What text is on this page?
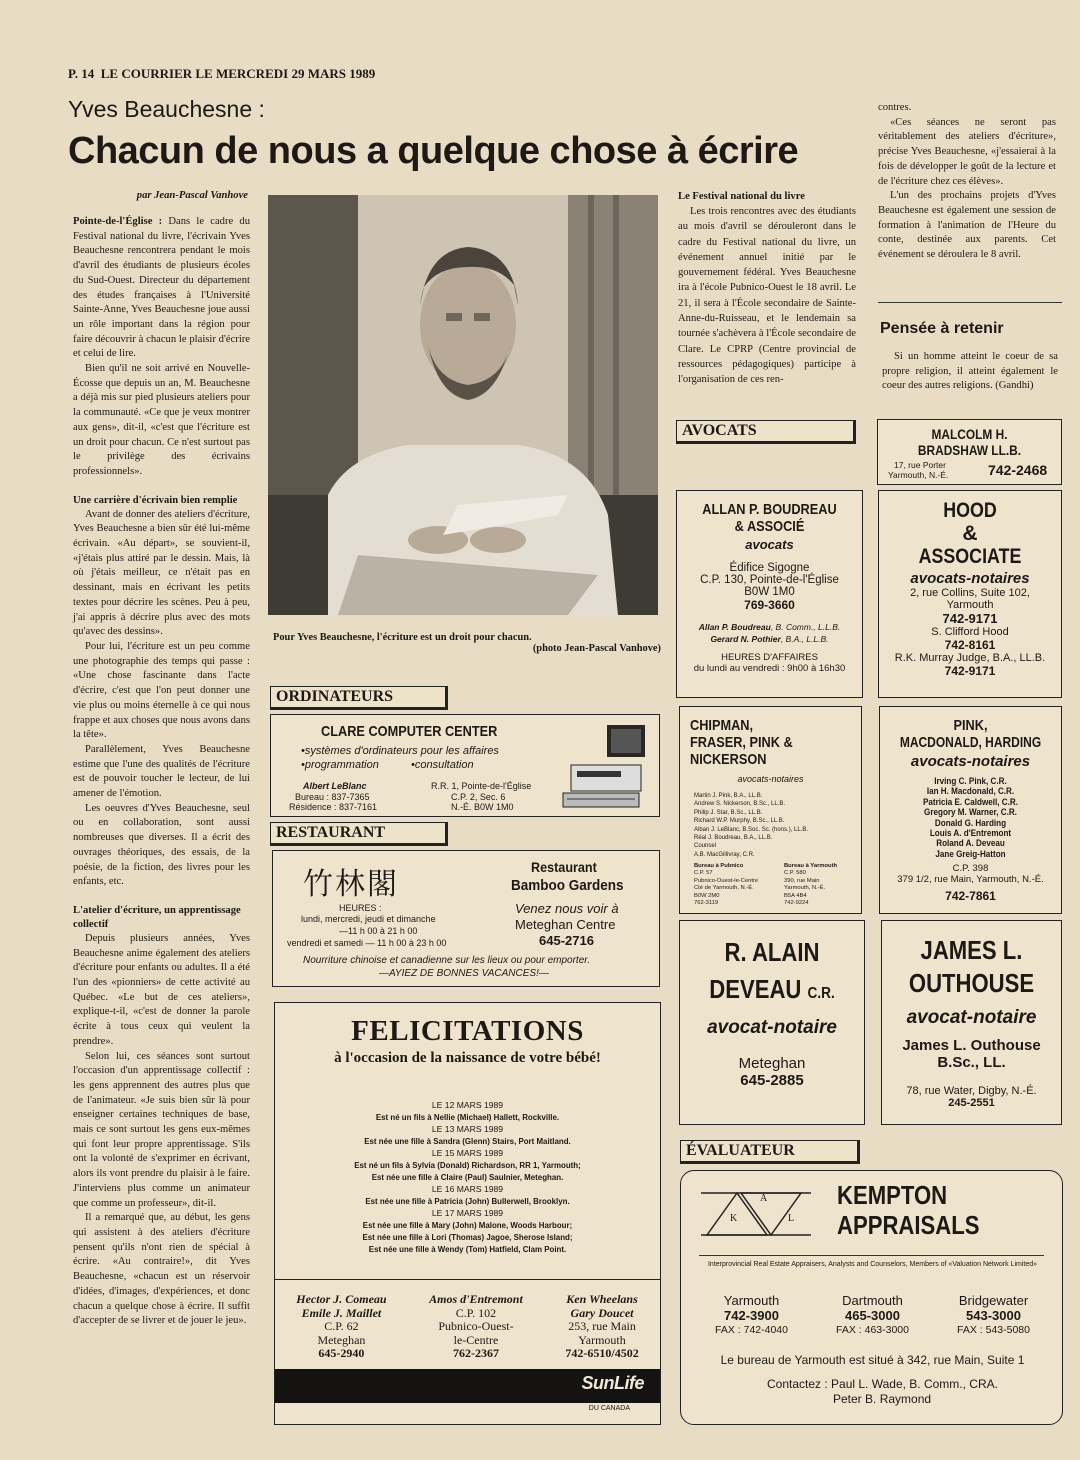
P. 14 LE COURRIER LE MERCREDI 29 MARS 1989
Yves Beauchesne :
Chacun de nous a quelque chose à écrire
par Jean-Pascal Vanhove

Pointe-de-l'Église : Dans le cadre du Festival national du livre, l'écrivain Yves Beauchesne rencontrera pendant le mois d'avril des étudiants de plusieurs écoles du Sud-Ouest. Directeur du département des études françaises à l'Université Sainte-Anne, Yves Beauchesne joue aussi un rôle important dans la région pour faire découvrir à chacun le plaisir d'écrire et celui de lire.

Bien qu'il ne soit arrivé en Nouvelle-Écosse que depuis un an, M. Beauchesne a déjà mis sur pied plusieurs ateliers pour la communauté. «Ce que je veux montrer aux gens», dit-il, «c'est que l'écriture est un droit pour chacun. Ce n'est surtout pas le privilège des écrivains professionnels».

Une carrière d'écrivain bien remplie

Avant de donner des ateliers d'écriture, Yves Beauchesne a bien sûr été lui-même écrivain. «Au départ», se souvient-il, «j'étais plus attiré par le dessin. Mais, là où j'étais meilleur, ce n'était pas en dessinant, mais en écrivant les petits textes pour décrire les scènes. Peu à peu, j'ai appris à décrire plus avec des mots qu'avec des dessins».

Pour lui, l'écriture est un peu comme une photographie des temps qui passe : «Une chose fascinante dans l'acte d'écrire, c'est que l'on peut donner une vie plus ou moins éternelle à ce qui nous frappe et aux choses que nous avons dans la tête».

Parallèlement, Yves Beauchesne estime que l'une des qualités de l'écriture est de pouvoir toucher le lecteur, de lui amener de l'émotion.

Les oeuvres d'Yves Beauchesne, seul ou en collaboration, sont aussi nombreuses que diverses. Il a écrit des ouvrages théoriques, des essais, de la poésie, de la fiction, des livres pour les enfants, etc.

L'atelier d'écriture, un apprentissage collectif

Depuis plusieurs années, Yves Beauchesne anime également des ateliers d'écriture pour enfants ou adultes. Il a été l'un des «pionniers» de cette activité au Québec. «Le but de ces ateliers», explique-t-il, «c'est de donner la parole écrite à tous ceux qui veulent la prendre».

Selon lui, ces séances sont surtout l'occasion d'un apprentissage collectif : les gens apprennent des autres plus que de l'animateur. «Je suis bien sûr là pour enseigner certaines techniques de base, mais ce sont surtout les gens eux-mêmes qui font leur propre apprentissage. S'ils ont la volonté de s'exprimer en écrivant, alors ils vont prendre du plaisir à le faire. J'interviens plus comme un animateur que comme un professeur», dit-il.

Il a remarqué que, au début, les gens qui assistent à des ateliers d'écriture pensent qu'ils n'ont rien de spécial à écrire. «Au contraire!», dit Yves Beauchesne, «chacun est un réservoir d'idées, d'images, d'expériences, et donc chacun a quelque chose à écrire. Il suffit d'accepter de se livrer et de jouer le jeu».

Pour Yves Beauchesne, l'écriture est un droit pour chacun.
(photo Jean-Pascal Vanhove)
Le Festival national du livre

Les trois rencontres avec des étudiants au mois d'avril se dérouleront dans le cadre du Festival national du livre, un événement annuel initié par le gouvernement fédéral. Yves Beauchesne ira à l'école Pubnico-Ouest le 18 avril. Le 21, il sera à l'École secondaire de Sainte-Anne-du-Ruisseau, et le lendemain sa tournée s'achèvera à l'École secondaire de Clare. Le CPRP (Centre provincial de ressources pédagogiques) participe à l'organisation de ces ren-

contres.

«Ces séances ne seront pas véritablement des ateliers d'écriture», précise Yves Beauchesne, «j'essaierai à la fois de développer le goût de la lecture et de l'écriture chez ces élèves».

L'un des prochains projets d'Yves Beauchesne est également une session de formation à l'animation de l'Heure du conte, destinée aux parents. Cet événement se déroulera le 8 avril.

Pensée à retenir

Si un homme atteint le coeur de sa propre religion, il atteint également le coeur des autres religions. (Gandhi)

ORDINATEURS
CLARE COMPUTER CENTER
•systèmes d'ordinateurs pour les affaires
•programmation	•consultation
Albert LeBlanc
Bureau : 837-7365
Résidence : 837-7161
R.R. 1, Pointe-de-l'Église
C.P. 2, Sec. 6
N.-É. B0W 1M0
RESTAURANT
竹林閣
Restaurant
Bamboo Gardens
HEURES :
lundi, mercredi, jeudi et dimanche
—11 h 00 à 21 h 00
vendredi et samedi — 11 h 00 à 23 h 00
Venez nous voir à
Meteghan Centre
645-2716
Nourriture chinoise et canadienne sur les lieux ou pour emporter.
—AYIEZ DE BONNES VACANCES!—
FELICITATIONS
à l'occasion de la naissance de votre bébé!
LE 12 MARS 1989
Est né un fils à Nellie (Michael) Hallett, Rockville.
LE 13 MARS 1989
Est née une fille à Sandra (Glenn) Stairs, Port Maitland.
LE 15 MARS 1989
Est né un fils à Sylvia (Donald) Richardson, RR 1, Yarmouth;
Est née une fille à Claire (Paul) Saulnier, Meteghan.
LE 16 MARS 1989
Est née une fille à Patricia (John) Bullerwell, Brooklyn.
LE 17 MARS 1989
Est née une fille à Mary (John) Malone, Woods Harbour;
Est née une fille à Lori (Thomas) Jagoe, Sherose Island;
Est née une fille à Wendy (Tom) Hatfield, Clam Point.
Hector J. Comeau
Emile J. Maillet
C.P. 62
Meteghan
645-2940
Amos d'Entremont
C.P. 102
Pubnico-Ouest-
le-Centre
762-2367
Ken Wheelans
Gary Doucet
253, rue Main
Yarmouth
742-6510/4502
SunLife
DU CANADA
AVOCATS	MALCOLM H.
BRADSHAW LL.B.
17, rue Porter
Yarmouth, N.-É.	742-2468
ALLAN P. BOUDREAU
& ASSOCIÉ
avocats
Édifice Sigogne
C.P. 130, Pointe-de-l'Église
B0W 1M0
769-3660
Allan P. Boudreau, B. Comm., L.L.B.
Gerard N. Pothier, B.A., L.L.B.
HEURES D'AFFAIRES
du lundi au vendredi : 9h00 à 16h30
HOOD
&
ASSOCIATE
avocats-notaires
2, rue Collins, Suite 102,
Yarmouth
742-9171
S. Clifford Hood
742-8161
R.K. Murray Judge, B.A., LL.B.
742-9171
CHIPMAN,
FRASER, PINK &
NICKERSON
avocats-notaires
Martin J. Pink, B.A., LL.B.
Andrew S. Nickerson, B.Sc., LL.B.
Philip J. Star, B.Sc., LL.B.
Richard W.P. Murphy, B.Sc., LL.B.
Alban J. LeBlanc, B.Soc. Sc. (hons.), LL.B.
Réal J. Boudreau, B.A., LL.B.
Counsel
A.B. MacGillivray, C.R.
Bureau à Pubnico
C.P. 57
Pubnico-Ouest-le-Centre
Cté de Yarmouth, N.-É.
B0W 2M0
762-3119
Bureau à Yarmouth
C.P. 580
390, rue Main
Yarmouth, N.-É.
B5A 4B4
742-9224
PINK,
MACDONALD, HARDING
avocats-notaires
Irving C. Pink, C.R.
Ian H. Macdonald, C.R.
Patricia E. Caldwell, C.R.
Gregory M. Warner, C.R.
Donald G. Harding
Louis A. d'Entremont
Roland A. Deveau
Jane Greig-Hatton
C.P. 398
379 1/2, rue Main, Yarmouth, N.-É.
742-7861
R. ALAIN
DEVEAU C.R.
avocat-notaire
Meteghan
645-2885
JAMES L.
OUTHOUSE
avocat-notaire
James L. Outhouse
B.Sc., LL.
78, rue Water, Digby, N.-É.
245-2551
ÉVALUATEUR
K
A
L
KEMPTON
APPRAISALS
Interprovincial Real Estate Appraisers, Analysts and Counselors, Members of «Valuation Network Limited»
Yarmouth
742-3900
FAX : 742-4040
Dartmouth
465-3000
FAX : 463-3000
Bridgewater
543-3000
FAX : 543-5080
Le bureau de Yarmouth est situé à 342, rue Main, Suite 1
Contactez : Paul L. Wade, B. Comm., CRA.
Peter B. Raymond
